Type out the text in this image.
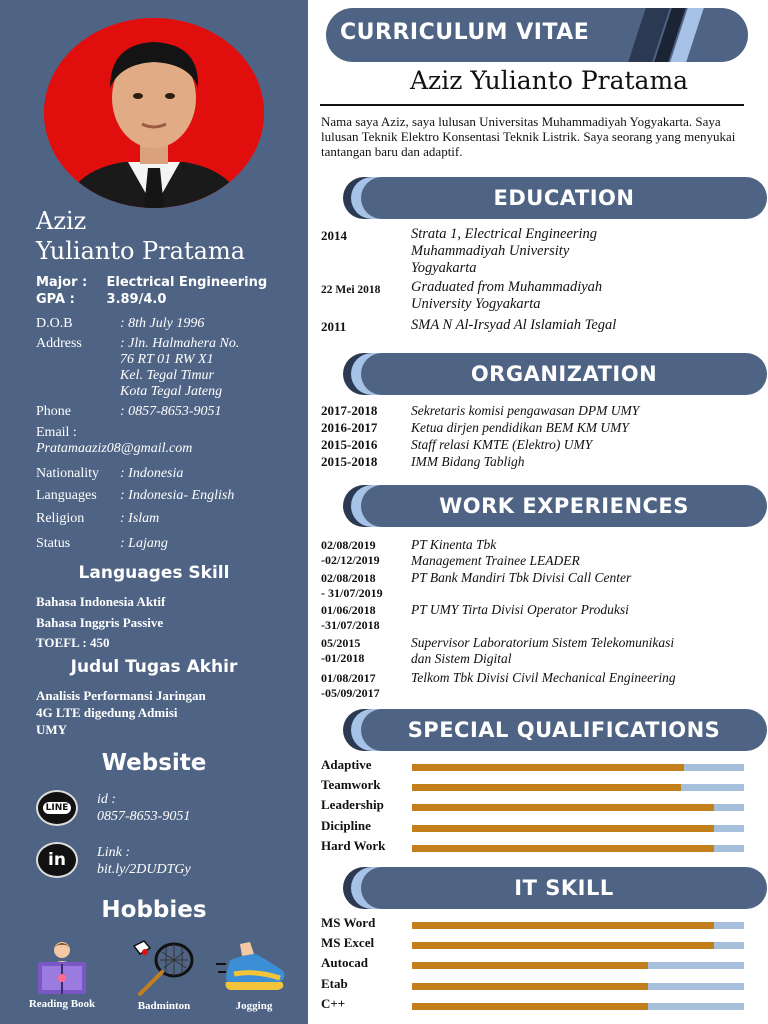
Aziz
Yulianto Pratama
Major : Electrical Engineering
GPA : 3.89/4.0
D.O.B	: 8th July 1996
Address	: Jln. Halmahera No.
76 RT 01 RW X1
Kel. Tegal Timur
Kota Tegal Jateng
Phone	: 0857-8653-9051
Email :
Pratamaaziz08@gmail.com
Nationality : Indonesia
Languages : Indonesia- English
Religion	: Islam
Status	: Lajang
Languages Skill
Bahasa Indonesia Aktif
Bahasa Inggris Passive
TOEFL : 450
Judul Tugas Akhir
Analisis Performansi Jaringan
4G LTE digedung Admisi
UMY
Website
LINE
id :
0857-8653-9051
in Link :
bit.ly/2DUDTGy
Hobbies
Reading Book	Badminton	Jogging
CURRICULUM VITAE
Aziz Yulianto Pratama
Nama saya Aziz, saya lulusan Universitas Muhammadiyah Yogyakarta. Saya lulusan Teknik Elektro Konsentasi Teknik Listrik. Saya seorang yang menyukai tantangan baru dan adaptif.
EDUCATION
2014	Strata 1, Electrical Engineering
Muhammadiyah University
Yogyakarta
22 Mei 2018 Graduated from Muhammadiyah
University Yogyakarta
2011	SMA N Al-Irsyad Al Islamiah Tegal
ORGANIZATION
2017-2018 Sekretaris komisi pengawasan DPM UMY
2016-2017 Ketua dirjen pendidikan BEM KM UMY
2015-2016 Staff relasi KMTE (Elektro) UMY
2015-2018 IMM Bidang Tabligh
WORK EXPERIENCES
02/08/2019
-02/12/2019
PT Kinenta Tbk
Management Trainee LEADER
02/08/2018
- 31/07/2019
PT Bank Mandiri Tbk Divisi Call Center
01/06/2018
-31/07/2018
PT UMY Tirta Divisi Operator Produksi
05/2015
-01/2018
Supervisor Laboratorium Sistem Telekomunikasi
dan Sistem Digital
01/08/2017
-05/09/2017
Telkom Tbk Divisi Civil Mechanical Engineering
SPECIAL QUALIFICATIONS
Adaptive
Teamwork
Leadership
Dicipline
Hard Work
IT SKILL
MS Word
MS Excel
Autocad
Etab
C++
